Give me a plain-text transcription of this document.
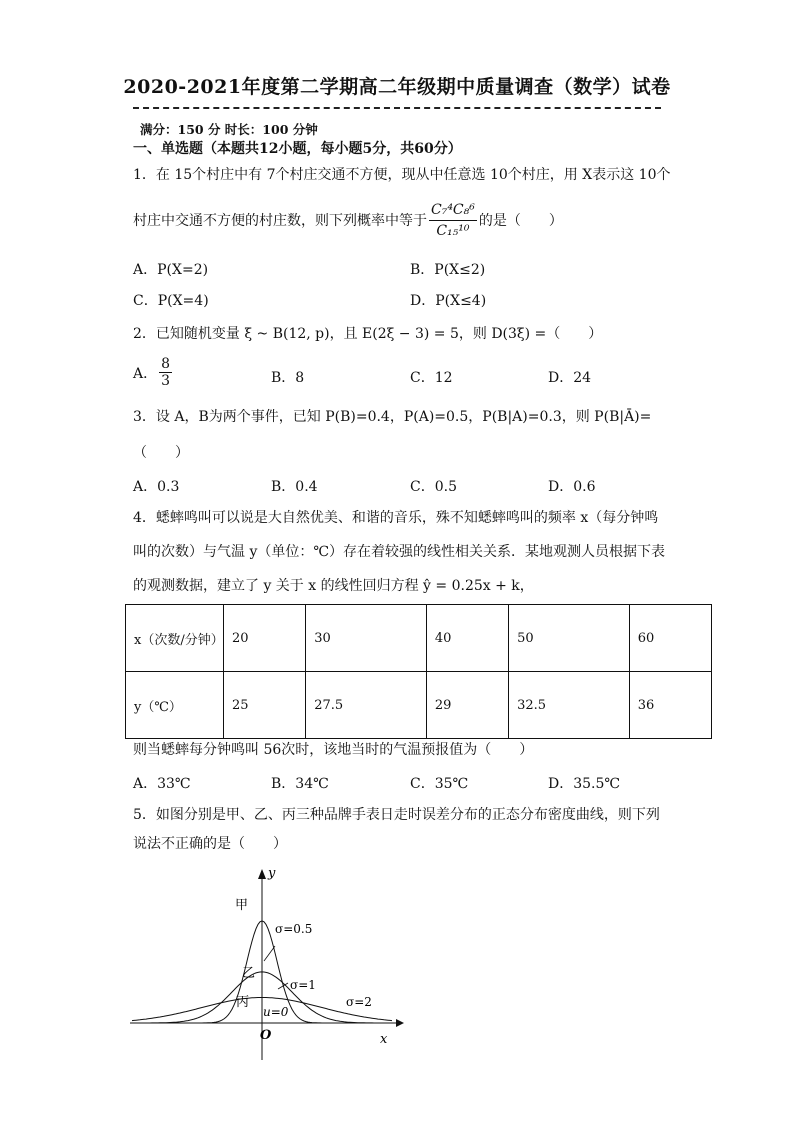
2020-2021年度第二学期高二年级期中质量调查（数学）试卷
满分：150 分 时长：100 分钟
一、单选题（本题共12小题，每小题5分，共60分）
1．在 15个村庄中有 7个村庄交通不方便，现从中任意选 10个村庄，用 X表示这 10个
村庄中交通不方便的村庄数，则下列概率中等于 $\frac{\text{C₇⁴C₈⁶}}{\text{C₁₅¹⁰}}$ 的是（　　）
A．P(X=2)	B．P(X≤2)
C．P(X=4)	D．P(X≤4)
2．已知随机变量 ξ ~ B(12, p)，且 E(2ξ − 3) = 5，则 D(3ξ) =（　　）
A． $\frac{8}{3}$	B．8	C．12	D．24
3．设 A，B为两个事件，已知 P(B)=0.4，P(A)=0.5，P(B|A)=0.3，则 P(B|Ā)=
（　　）
A．0.3	B．0.4	C．0.5	D．0.6
4．蟋蟀鸣叫可以说是大自然优美、和谐的音乐，殊不知蟋蟀鸣叫的频率 x（每分钟鸣
叫的次数）与气温 y（单位：℃）存在着较强的线性相关关系．某地观测人员根据下表
的观测数据，建立了 y 关于 x 的线性回归方程 ŷ = 0.25x + k，
x（次数/分钟）	20	30	40	50	60
y（℃）	25	27.5	29	32.5	36
则当蟋蟀每分钟鸣叫 56次时，该地当时的气温预报值为（　　）
A．33℃	B．34℃	C．35℃	D．35.5℃
5．如图分别是甲、乙、丙三种品牌手表日走时误差分布的正态分布密度曲线，则下列
说法不正确的是（　　）
y
x
O
甲
σ=0.5
乙
σ=1
丙	σ=2
u=0
